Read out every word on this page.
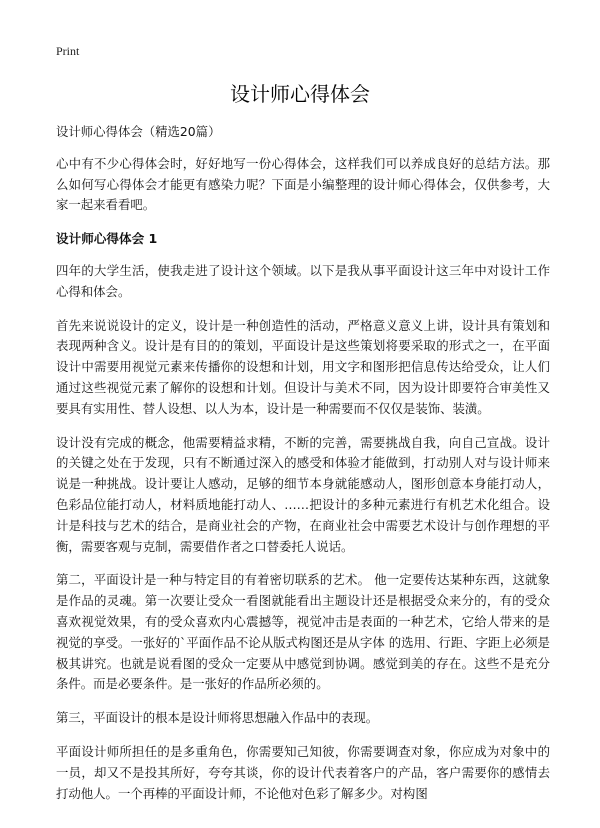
Print
设计师心得体会

设计师心得体会（精选20篇）

心中有不少心得体会时，好好地写一份心得体会，这样我们可以养成良好的总结方法。那么如何写心得体会才能更有感染力呢？下面是小编整理的设计师心得体会，仅供参考，大家一起来看看吧。

设计师心得体会 1

四年的大学生活，使我走进了设计这个领域。以下是我从事平面设计这三年中对设计工作心得和体会。

首先来说说设计的定义，设计是一种创造性的活动，严格意义意义上讲，设计具有策划和表现两种含义。设计是有目的的策划，平面设计是这些策划将要采取的形式之一，在平面设计中需要用视觉元素来传播你的设想和计划，用文字和图形把信息传达给受众，让人们通过这些视觉元素了解你的设想和计划。但设计与美术不同，因为设计即要符合审美性又要具有实用性、替人设想、以人为本，设计是一种需要而不仅仅是装饰、装潢。

设计没有完成的概念，他需要精益求精，不断的完善，需要挑战自我，向自己宣战。设计的关键之处在于发现，只有不断通过深入的感受和体验才能做到，打动别人对与设计师来说是一种挑战。设计要让人感动，足够的细节本身就能感动人，图形创意本身能打动人，色彩品位能打动人，材料质地能打动人、……把设计的多种元素进行有机艺术化组合。设计是科技与艺术的结合，是商业社会的产物，在商业社会中需要艺术设计与创作理想的平衡，需要客观与克制，需要借作者之口替委托人说话。

第二，平面设计是一种与特定目的有着密切联系的艺术。 他一定要传达某种东西，这就象是作品的灵魂。第一次要让受众一看图就能看出主题设计还是根据受众来分的，有的受众喜欢视觉效果，有的受众喜欢内心震撼等，视觉冲击是表面的一种艺术，它给人带来的是视觉的享受。一张好的`平面作品不论从版式构图还是从字体 的选用、行距、字距上必须是极其讲究。也就是说看图的受众一定要从中感觉到协调。感觉到美的存在。这些不是充分条件。而是必要条件。是一张好的作品所必须的。

第三，平面设计的根本是设计师将思想融入作品中的表现。

平面设计师所担任的是多重角色，你需要知己知彼，你需要调查对象，你应成为对象中的一员，却又不是投其所好，夸夸其谈，你的设计代表着客户的产品，客户需要你的感情去打动他人。一个再棒的平面设计师，不论他对色彩了解多少。对构图
